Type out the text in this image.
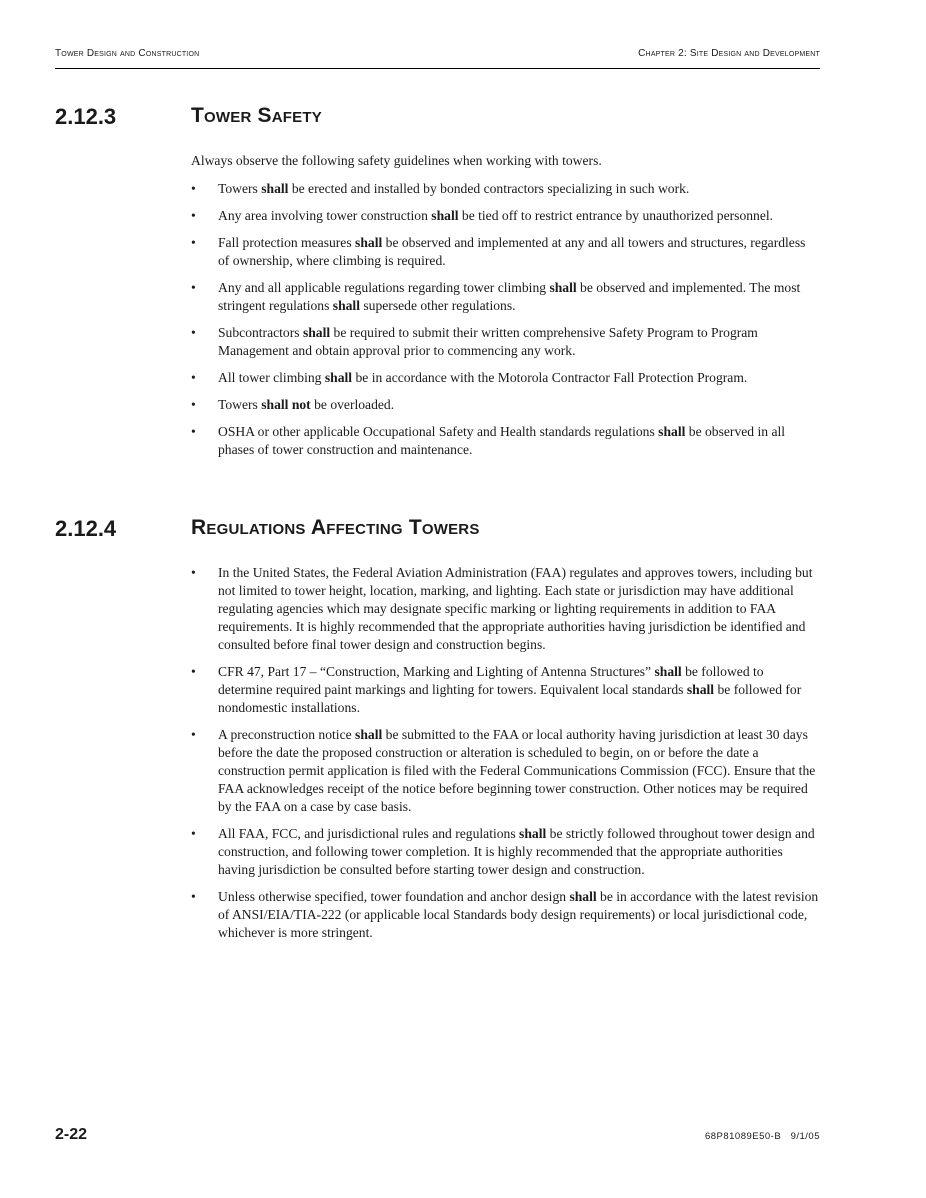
Tower Design and Construction	Chapter 2: Site Design and Development
2.12.3	Tower Safety
Always observe the following safety guidelines when working with towers.
• Towers shall be erected and installed by bonded contractors specializing in such work.
• Any area involving tower construction shall be tied off to restrict entrance by unauthorized personnel.
• Fall protection measures shall be observed and implemented at any and all towers and structures, regardless of ownership, where climbing is required.
• Any and all applicable regulations regarding tower climbing shall be observed and implemented. The most stringent regulations shall supersede other regulations.
• Subcontractors shall be required to submit their written comprehensive Safety Program to Program Management and obtain approval prior to commencing any work.
• All tower climbing shall be in accordance with the Motorola Contractor Fall Protection Program.
• Towers shall not be overloaded.
• OSHA or other applicable Occupational Safety and Health standards regulations shall be observed in all phases of tower construction and maintenance.
2.12.4	Regulations Affecting Towers
• In the United States, the Federal Aviation Administration (FAA) regulates and approves towers, including but not limited to tower height, location, marking, and lighting. Each state or jurisdiction may have additional regulating agencies which may designate specific marking or lighting requirements in addition to FAA requirements. It is highly recommended that the appropriate authorities having jurisdiction be identified and consulted before final tower design and construction begins.
• CFR 47, Part 17 – “Construction, Marking and Lighting of Antenna Structures” shall be followed to determine required paint markings and lighting for towers. Equivalent local standards shall be followed for nondomestic installations.
• A preconstruction notice shall be submitted to the FAA or local authority having jurisdiction at least 30 days before the date the proposed construction or alteration is scheduled to begin, on or before the date a construction permit application is filed with the Federal Communications Commission (FCC). Ensure that the FAA acknowledges receipt of the notice before beginning tower construction. Other notices may be required by the FAA on a case by case basis.
• All FAA, FCC, and jurisdictional rules and regulations shall be strictly followed throughout tower design and construction, and following tower completion. It is highly recommended that the appropriate authorities having jurisdiction be consulted before starting tower design and construction.
• Unless otherwise specified, tower foundation and anchor design shall be in accordance with the latest revision of ANSI/EIA/TIA-222 (or applicable local Standards body design requirements) or local jurisdictional code, whichever is more stringent.
2-22	68P81089E50-B   9/1/05
